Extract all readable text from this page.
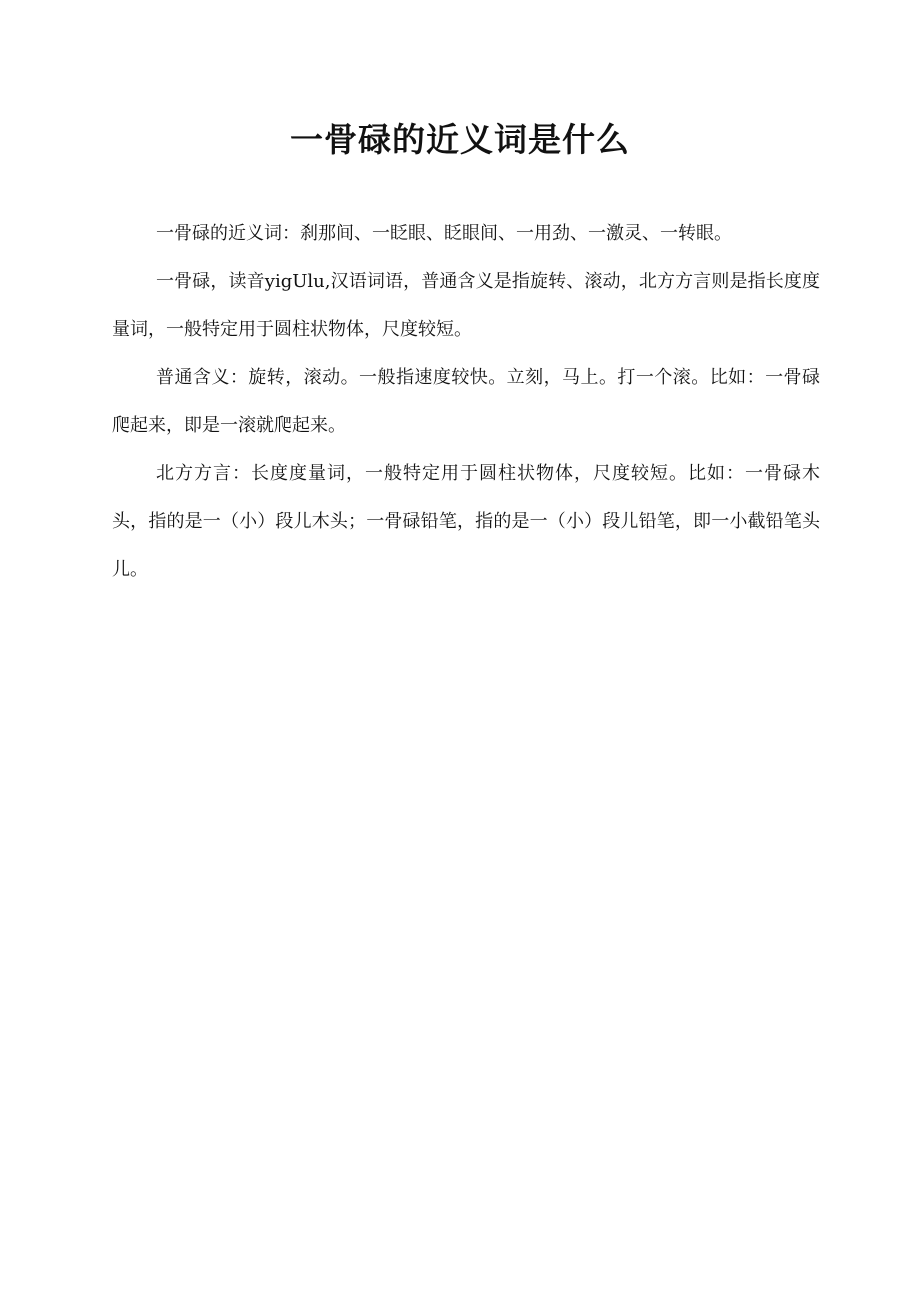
一骨碌的近义词是什么

一骨碌的近义词：刹那间、一眨眼、眨眼间、一用劲、一激灵、一转眼。

一骨碌，读音yigUlu,汉语词语，普通含义是指旋转、滚动，北方方言则是指长度度量词，一般特定用于圆柱状物体，尺度较短。

普通含义：旋转，滚动。一般指速度较快。立刻，马上。打一个滚。比如：一骨碌爬起来，即是一滚就爬起来。

北方方言：长度度量词，一般特定用于圆柱状物体，尺度较短。比如：一骨碌木头，指的是一（小）段儿木头；一骨碌铅笔，指的是一（小）段儿铅笔，即一小截铅笔头儿。
